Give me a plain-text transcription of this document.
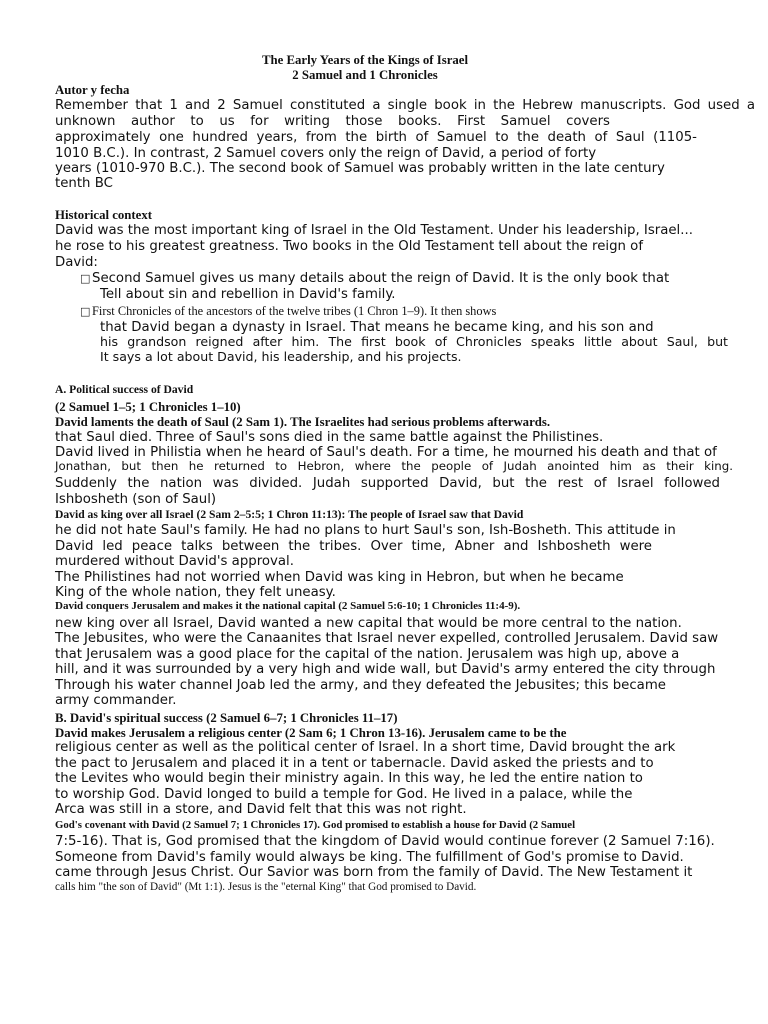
The Early Years of the Kings of Israel
2 Samuel and 1 Chronicles
Autor y fecha
Remember that 1 and 2 Samuel constituted a single book in the Hebrew manuscripts. God used a
unknown author to us for writing those books. First Samuel covers
approximately one hundred years, from the birth of Samuel to the death of Saul (1105-
1010 B.C.). In contrast, 2 Samuel covers only the reign of David, a period of forty
years (1010-970 B.C.). The second book of Samuel was probably written in the late century
tenth BC
Historical context
David was the most important king of Israel in the Old Testament. Under his leadership, Israel...
he rose to his greatest greatness. Two books in the Old Testament tell about the reign of
David:
□ Second Samuel gives us many details about the reign of David. It is the only book that
Tell about sin and rebellion in David's family.
□ First Chronicles of the ancestors of the twelve tribes (1 Chron 1–9). It then shows
that David began a dynasty in Israel. That means he became king, and his son and
his grandson reigned after him. The first book of Chronicles speaks little about Saul, but
It says a lot about David, his leadership, and his projects.
A. Political success of David
(2 Samuel 1–5; 1 Chronicles 1–10)
David laments the death of Saul (2 Sam 1). The Israelites had serious problems afterwards.
that Saul died. Three of Saul's sons died in the same battle against the Philistines.
David lived in Philistia when he heard of Saul's death. For a time, he mourned his death and that of
Jonathan, but then he returned to Hebron, where the people of Judah anointed him as their king.
Suddenly the nation was divided. Judah supported David, but the rest of Israel followed
Ishbosheth (son of Saul)
David as king over all Israel (2 Sam 2–5:5; 1 Chron 11:13): The people of Israel saw that David
he did not hate Saul's family. He had no plans to hurt Saul's son, Ish-Bosheth. This attitude in
David led peace talks between the tribes. Over time, Abner and Ishbosheth were
murdered without David's approval.
The Philistines had not worried when David was king in Hebron, but when he became
King of the whole nation, they felt uneasy.
David conquers Jerusalem and makes it the national capital (2 Samuel 5:6-10; 1 Chronicles 11:4-9).
new king over all Israel, David wanted a new capital that would be more central to the nation.
The Jebusites, who were the Canaanites that Israel never expelled, controlled Jerusalem. David saw
that Jerusalem was a good place for the capital of the nation. Jerusalem was high up, above a
hill, and it was surrounded by a very high and wide wall, but David's army entered the city through
Through his water channel Joab led the army, and they defeated the Jebusites; this became
army commander.
B. David's spiritual success (2 Samuel 6–7; 1 Chronicles 11–17)
David makes Jerusalem a religious center (2 Sam 6; 1 Chron 13-16). Jerusalem came to be the
religious center as well as the political center of Israel. In a short time, David brought the ark
the pact to Jerusalem and placed it in a tent or tabernacle. David asked the priests and to
the Levites who would begin their ministry again. In this way, he led the entire nation to
to worship God. David longed to build a temple for God. He lived in a palace, while the
Arca was still in a store, and David felt that this was not right.
God's covenant with David (2 Samuel 7; 1 Chronicles 17). God promised to establish a house for David (2 Samuel
7:5-16). That is, God promised that the kingdom of David would continue forever (2 Samuel 7:16).
Someone from David's family would always be king. The fulfillment of God's promise to David.
came through Jesus Christ. Our Savior was born from the family of David. The New Testament it
calls him "the son of David" (Mt 1:1). Jesus is the "eternal King" that God promised to David.
